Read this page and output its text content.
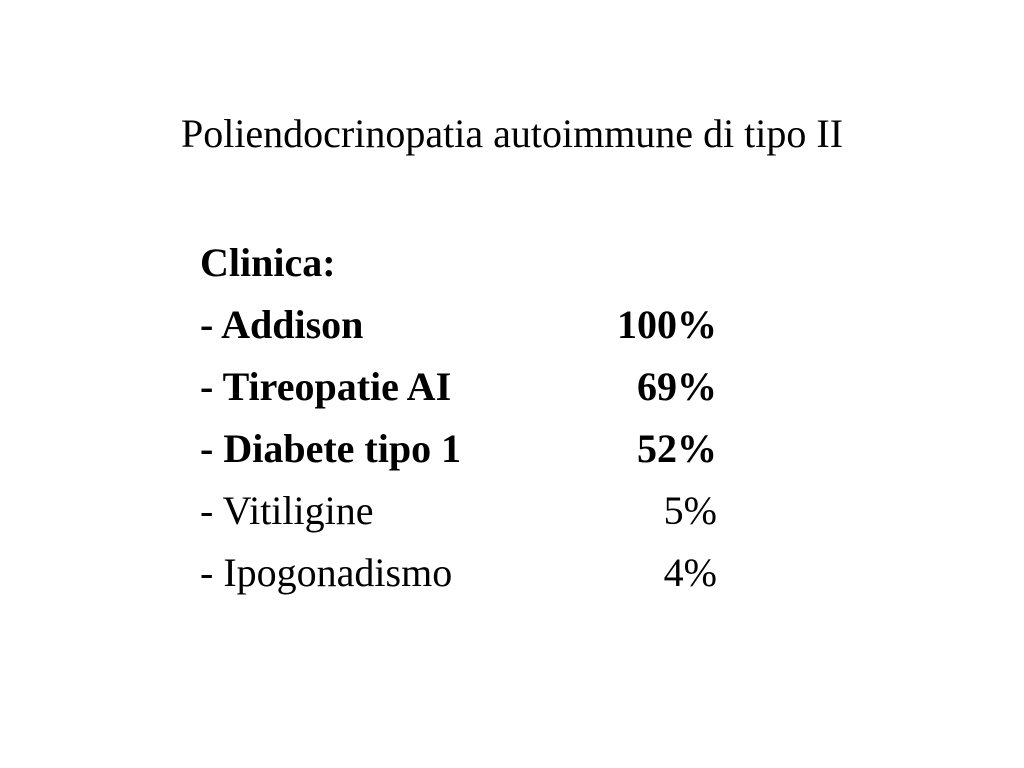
Poliendocrinopatia autoimmune di tipo II
Clinica:
- Addison	100%
- Tireopatie AI	69%
- Diabete tipo 1	52%
- Vitiligine	5%
- Ipogonadismo	4%
